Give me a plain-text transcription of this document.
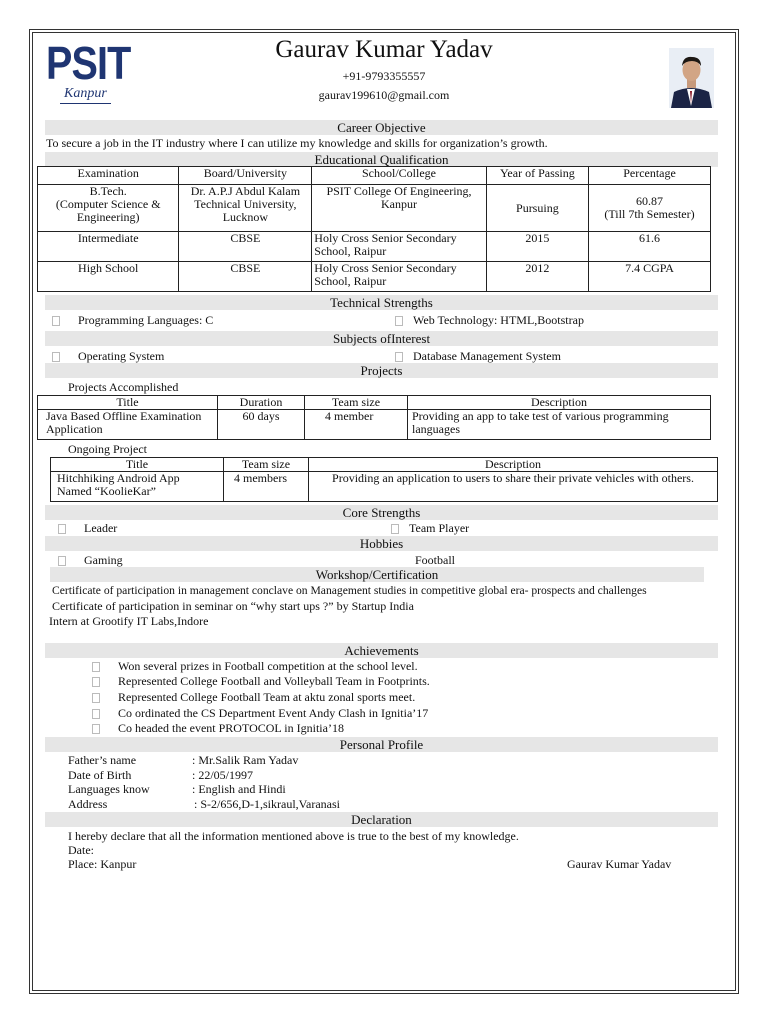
PSIT
Kanpur
Gaurav Kumar Yadav
+91-9793355557
gaurav199610@gmail.com
Career Objective
To secure a job in the IT industry where I can utilize my knowledge and skills for organization’s growth.
Educational Qualification
Examination	Board/University	School/College	Year of Passing	Percentage
B.Tech.
(Computer Science &
Engineering)	Dr. A.P.J Abdul Kalam
Technical University,
Lucknow	PSIT College Of Engineering,
Kanpur	Pursuing	60.87
(Till 7th Semester)
Intermediate	CBSE	Holy Cross Senior Secondary
School, Raipur	2015	61.6
High School	CBSE	Holy Cross Senior Secondary
School, Raipur	2012	7.4 CGPA
Technical Strengths
Programming Languages: C	Web Technology: HTML,Bootstrap
Subjects ofInterest
Operating System	Database Management System
Projects
Projects Accomplished
Title	Duration	Team size	Description
Java Based Offline Examination
Application	60 days	4 member	Providing an app to take test of various programming
languages
Ongoing Project
Title	Team size	Description
Hitchhiking Android App
Named “KoolieKar”	4 members	Providing an application to users to share their private vehicles with others.
Core Strengths
Leader	Team Player
Hobbies
Gaming	Football
Workshop/Certification
Certificate of participation in management conclave on Management studies in competitive global era- prospects and challenges
Certificate of participation in seminar on “why start ups ?” by Startup India
Intern at Grootify IT Labs,Indore
Achievements
Won several prizes in Football competition at the school level.
Represented College Football and Volleyball Team in Footprints.
Represented College Football Team at aktu zonal sports meet.
Co ordinated the CS Department Event Andy Clash in Ignitia’17
Co headed the event PROTOCOL in Ignitia’18
Personal Profile
Father’s name	: Mr.Salik Ram Yadav
Date of Birth	: 22/05/1997
Languages know	: English and Hindi
Address	: S-2/656,D-1,sikraul,Varanasi
Declaration
I hereby declare that all the information mentioned above is true to the best of my knowledge.
Date:
Place: Kanpur	Gaurav Kumar Yadav
